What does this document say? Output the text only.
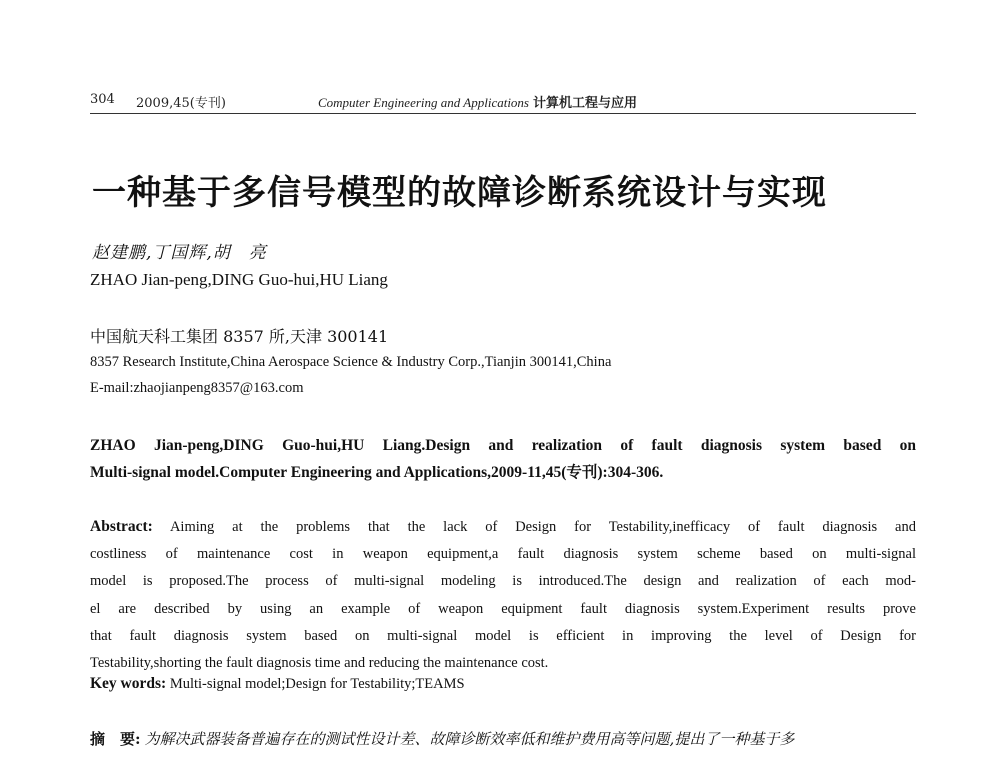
304 2009,45(专刊)	Computer Engineering and Applications 计算机工程与应用
一种基于多信号模型的故障诊断系统设计与实现
赵建鹏,丁国辉,胡　亮
ZHAO Jian-peng,DING Guo-hui,HU Liang
中国航天科工集团 8357 所,天津 300141
8357 Research Institute,China Aerospace Science & Industry Corp.,Tianjin 300141,China
E-mail:zhaojianpeng8357@163.com
ZHAO Jian-peng,DING Guo-hui,HU Liang.Design and realization of fault diagnosis system based on
Multi-signal model.Computer Engineering and Applications,2009-11,45(专刊):304-306.
Abstract: Aiming at the problems that the lack of Design for Testability,inefficacy of fault diagnosis and
costliness of maintenance cost in weapon equipment,a fault diagnosis system scheme based on multi-signal
model is proposed.The process of multi-signal modeling is introduced.The design and realization of each mod-
el are described by using an example of weapon equipment fault diagnosis system.Experiment results prove
that fault diagnosis system based on multi-signal model is efficient in improving the level of Design for
Testability,shorting the fault diagnosis time and reducing the maintenance cost.
Key words: Multi-signal model;Design for Testability;TEAMS
摘　要: 为解决武器装备普遍存在的测试性设计差、故障诊断效率低和维护费用高等问题,提出了一种基于多
